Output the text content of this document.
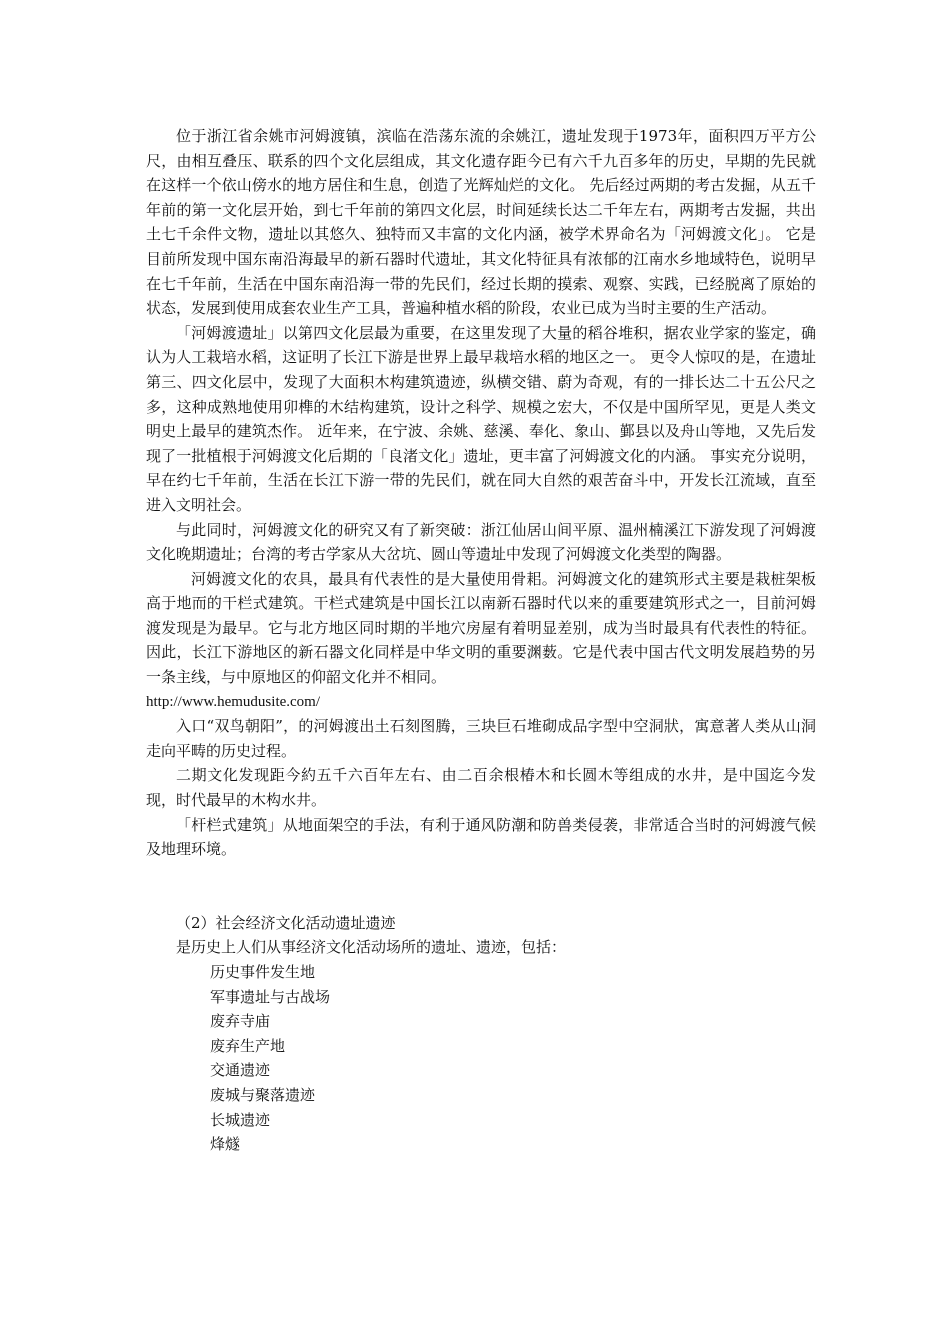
位于浙江省余姚市河姆渡镇，滨临在浩荡东流的余姚江，遗址发现于1973年，面积四万平方公尺，由相互叠压、联系的四个文化层组成，其文化遗存距今已有六千九百多年的历史，早期的先民就在这样一个依山傍水的地方居住和生息，创造了光辉灿烂的文化。 先后经过两期的考古发掘，从五千年前的第一文化层开始，到七千年前的第四文化层，时间延续长达二千年左右，两期考古发掘，共出土七千余件文物，遗址以其悠久、独特而又丰富的文化内涵，被学术界命名为「河姆渡文化」。 它是目前所发现中国东南沿海最早的新石器时代遗址，其文化特征具有浓郁的江南水乡地域特色，说明早在七千年前，生活在中国东南沿海一带的先民们，经过长期的摸索、观察、实践，已经脱离了原始的状态，发展到使用成套农业生产工具，普遍种植水稻的阶段，农业已成为当时主要的生产活动。

「河姆渡遗址」以第四文化层最为重要，在这里发现了大量的稻谷堆积，据农业学家的鉴定，确认为人工栽培水稻，这证明了长江下游是世界上最早栽培水稻的地区之一。 更令人惊叹的是，在遗址第三、四文化层中，发现了大面积木构建筑遗迹，纵横交错、蔚为奇观，有的一排长达二十五公尺之多，这种成熟地使用卯榫的木结构建筑，设计之科学、规模之宏大，不仅是中国所罕见，更是人类文明史上最早的建筑杰作。 近年来，在宁波、余姚、慈溪、奉化、象山、鄞县以及舟山等地，又先后发现了一批植根于河姆渡文化后期的「良渚文化」遗址，更丰富了河姆渡文化的内涵。 事实充分说明，早在约七千年前，生活在长江下游一带的先民们，就在同大自然的艰苦奋斗中，开发长江流域，直至进入文明社会。

与此同时，河姆渡文化的研究又有了新突破：浙江仙居山间平原、温州楠溪江下游发现了河姆渡文化晚期遗址；台湾的考古学家从大岔坑、圆山等遗址中发现了河姆渡文化类型的陶器。

河姆渡文化的农具，最具有代表性的是大量使用骨耜。河姆渡文化的建筑形式主要是栽桩架板高于地而的干栏式建筑。干栏式建筑是中国长江以南新石器时代以来的重要建筑形式之一，目前河姆渡发现是为最早。它与北方地区同时期的半地穴房屋有着明显差别，成为当时最具有代表性的特征。因此，长江下游地区的新石器文化同样是中华文明的重要渊薮。它是代表中国古代文明发展趋势的另一条主线，与中原地区的仰韶文化并不相同。

http://www.hemudusite.com/

入口“双鸟朝阳”，的河姆渡出土石刻图腾，三块巨石堆砌成品字型中空洞狀，寓意著人类从山洞走向平畴的历史过程。

二期文化发现距今約五千六百年左右、由二百余根椿木和长圆木等组成的水井，是中国迄今发现，时代最早的木构水井。

「杆栏式建筑」从地面架空的手法，有利于通风防潮和防兽类侵袭，非常适合当时的河姆渡气候及地理环境。

（2）社会经济文化活动遗址遗迹

是历史上人们从事经济文化活动场所的遗址、遗迹，包括：

历史事件发生地
军事遗址与古战场
废弃寺庙
废弃生产地
交通遗迹
废城与聚落遗迹
长城遗迹
烽燧
